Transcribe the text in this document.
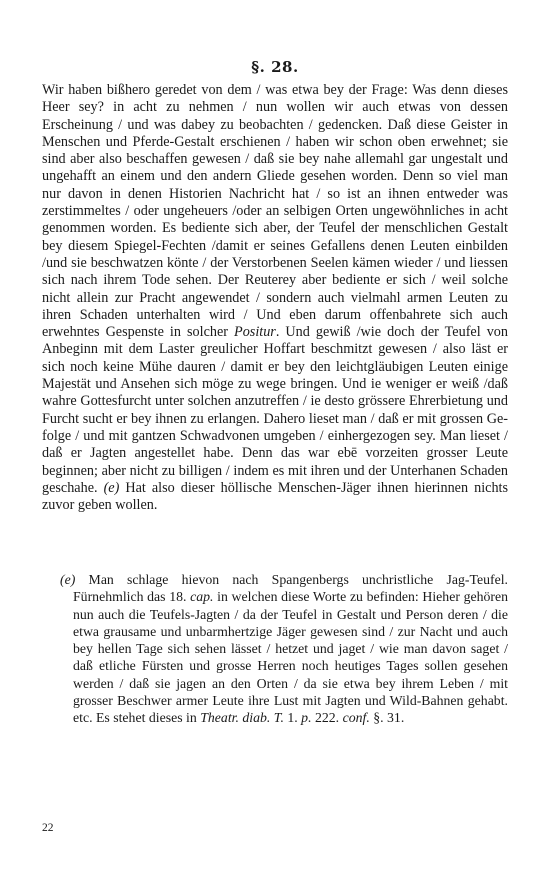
§. 28.

Wir haben bißhero geredet von dem / was etwa bey der Frage: Was denn dieses Heer sey? in acht zu nehmen / nun wollen wir auch etwas von dessen Erscheinung / und was dabey zu beobachten / gedencken. Daß diese Geister in Menschen und Pferde-Gestalt erschienen / haben wir schon oben erwehnet; sie sind aber also beschaffen gewesen / daß sie bey nahe allemahl gar ungestalt und ungehafft an einem und den andern Gliede gesehen worden. Denn so viel man nur davon in denen Historien Nachricht hat / so ist an ihnen entweder was zerstimmeltes / oder ungeheuers /oder an selbigen Orten ungewöhnliches in acht genommen worden. Es bediente sich aber, der Teufel der menschlichen Gestalt bey diesem Spiegel-Fechten /damit er seines Gefallens denen Leuten einbilden /und sie beschwatzen könte / der Verstorbenen Seelen kämen wieder / und liessen sich nach ihrem Tode sehen. Der Reuterey aber bediente er sich / weil solche nicht allein zur Pracht angewendet / sondern auch vielmahl armen Leuten zu ihren Schaden unterhalten wird / Und eben darum offenbahrete sich auch erwehntes Gespenste in solcher Positur. Und gewiß /wie doch der Teufel von Anbeginn mit dem Laster greulicher Hoffart beschmitzt gewesen / also läst er sich noch keine Mühe dauren / damit er bey den leichtgläubigen Leuten einige Majestät und Ansehen sich möge zu wege bringen. Und ie weniger er weiß /daß wahre Gottesfurcht unter solchen anzutreffen / ie desto grössere Ehrerbietung und Furcht sucht er bey ihnen zu erlangen. Dahero lieset man / daß er mit grossen Gefolge / und mit gantzen Schwadvonen umgeben / einhergezogen sey. Man lieset / daß er Jagten angestellet habe. Denn das war ebē vorzeiten grosser Leute beginnen; aber nicht zu billigen / indem es mit ihren und der Unterhanen Schaden geschahe. (e) Hat also dieser höllische Menschen-Jäger ihnen hierinnen nichts zuvor geben wollen.

(e) Man schlage hievon nach Spangenbergs unchristliche Jag-Teufel. Fürnehmlich das 18. cap. in welchen diese Worte zu befinden: Hieher gehören nun auch die Teufels-Jagten / da der Teufel in Gestalt und Person deren / die etwa grausame und unbarmhertzige Jäger gewesen sind / zur Nacht und auch bey hellen Tage sich sehen lässet / hetzet und jaget / wie man davon saget / daß etliche Fürsten und grosse Herren noch heutiges Tages sollen gesehen werden / daß sie jagen an den Orten / da sie etwa bey ihrem Leben / mit grosser Beschwer armer Leute ihre Lust mit Jagten und Wild-Bahnen gehabt. etc. Es stehet dieses in Theatr. diab. T. 1. p. 222. conf. §. 31.

22
